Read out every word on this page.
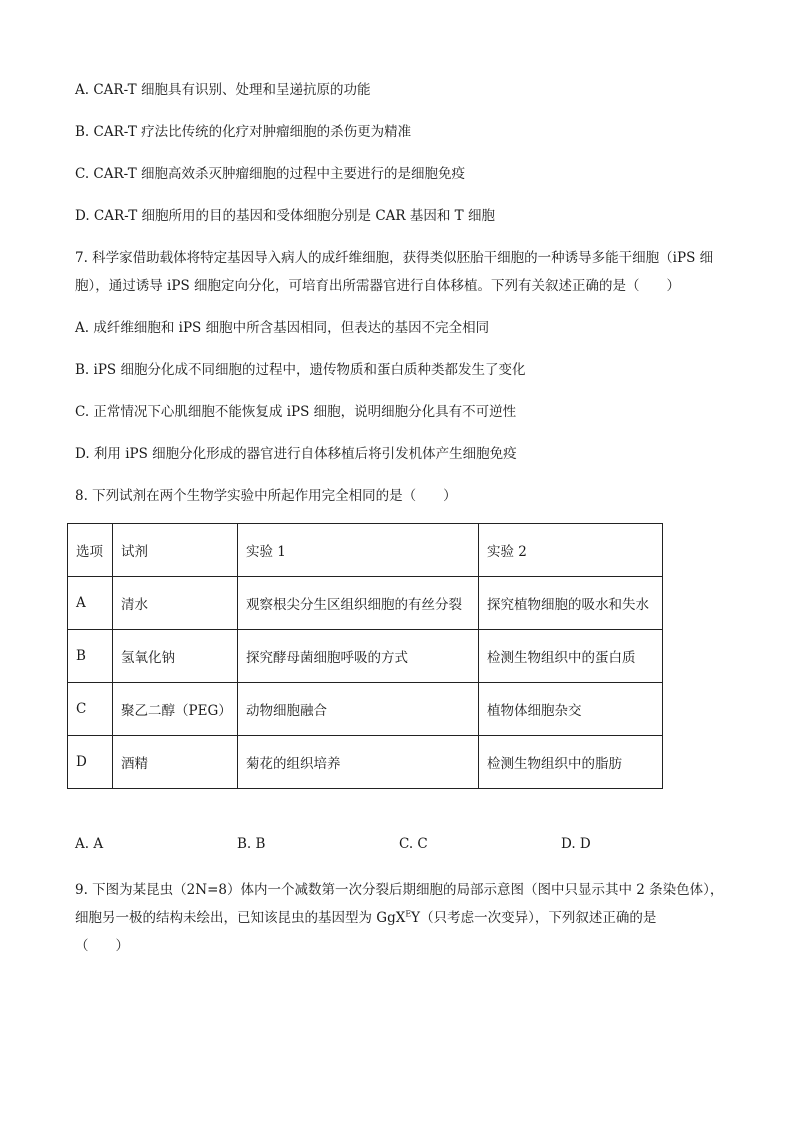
A. CAR-T 细胞具有识别、处理和呈递抗原的功能
B. CAR-T 疗法比传统的化疗对肿瘤细胞的杀伤更为精准
C. CAR-T 细胞高效杀灭肿瘤细胞的过程中主要进行的是细胞免疫
D. CAR-T 细胞所用的目的基因和受体细胞分别是 CAR 基因和 T 细胞
7. 科学家借助载体将特定基因导入病人的成纤维细胞，获得类似胚胎干细胞的一种诱导多能干细胞（iPS 细
胞），通过诱导 iPS 细胞定向分化，可培育出所需器官进行自体移植。下列有关叙述正确的是（　　）
A. 成纤维细胞和 iPS 细胞中所含基因相同，但表达的基因不完全相同
B. iPS 细胞分化成不同细胞的过程中，遗传物质和蛋白质种类都发生了变化
C. 正常情况下心肌细胞不能恢复成 iPS 细胞，说明细胞分化具有不可逆性
D. 利用 iPS 细胞分化形成的器官进行自体移植后将引发机体产生细胞免疫
8. 下列试剂在两个生物学实验中所起作用完全相同的是（　　）
选项	试剂	实验 1	实验 2
A	清水	观察根尖分生区组织细胞的有丝分裂	探究植物细胞的吸水和失水
B	氢氧化钠	探究酵母菌细胞呼吸的方式	检测生物组织中的蛋白质
C	聚乙二醇（PEG）	动物细胞融合	植物体细胞杂交
D	酒精	菊花的组织培养	检测生物组织中的脂肪
A. A	B. B	C. C	D. D
9. 下图为某昆虫（2N=8）体内一个减数第一次分裂后期细胞的局部示意图（图中只显示其中 2 条染色体），
细胞另一极的结构未绘出，已知该昆虫的基因型为 GgX$^E$Y（只考虑一次变异），下列叙述正确的是
（　　）
